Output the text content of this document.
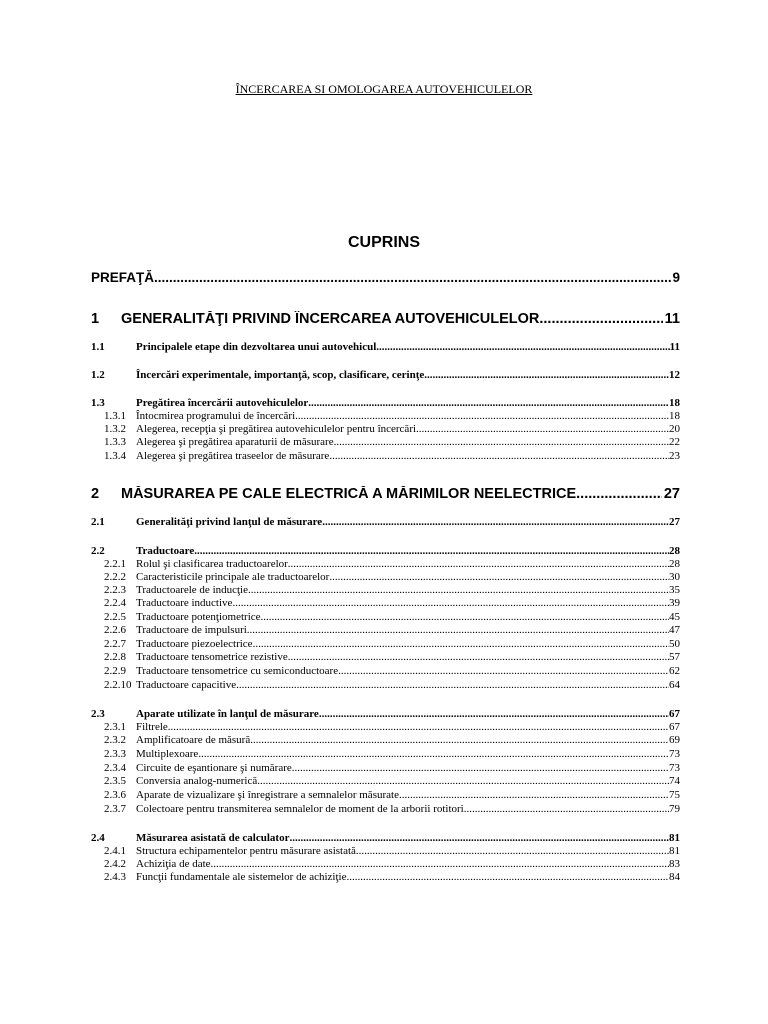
ÎNCERCAREA SI OMOLOGAREA AUTOVEHICULELOR
CUPRINS
PREFAŢĂ .....	9
1	GENERALITĂŢI PRIVIND ÎNCERCAREA AUTOVEHICULELOR .....	11
1.1	Principalele etape din dezvoltarea unui autovehicul .....	11
1.2	Încercări experimentale, importanţă, scop, clasificare, cerinţe .....	12
1.3	Pregătirea încercării autovehiculelor .....	18
1.3.1 Întocmirea programului de încercări .....	18
1.3.2 Alegerea, recepţia şi pregătirea autovehiculelor pentru încercări .....	20
1.3.3 Alegerea şi pregătirea aparaturii de măsurare .....	22
1.3.4 Alegerea şi pregătirea traseelor de măsurare .....	23
2	MĂSURAREA PE CALE ELECTRICĂ A MĂRIMILOR NEELECTRICE .....	27
2.1	Generalităţi privind lanţul de măsurare .....	27
2.2	Traductoare .....	28
2.2.1 Rolul şi clasificarea traductoarelor .....	28
2.2.2 Caracteristicile principale ale traductoarelor .....	30
2.2.3 Traductoarele de inducţie .....	35
2.2.4 Traductoare inductive .....	39
2.2.5 Traductoare potenţiometrice .....	45
2.2.6 Traductoare de impulsuri .....	47
2.2.7 Traductoare piezoelectrice .....	50
2.2.8 Traductoare tensometrice rezistive .....	57
2.2.9 Traductoare tensometrice cu semiconductoare .....	62
2.2.10 Traductoare capacitive .....	64
2.3	Aparate utilizate în lanţul de măsurare .....	67
2.3.1 Filtrele .....	67
2.3.2 Amplificatoare de măsură .....	69
2.3.3 Multiplexoare .....	73
2.3.4 Circuite de eşantionare şi numărare .....	73
2.3.5 Conversia analog-numerică .....	74
2.3.6 Aparate de vizualizare şi înregistrare a semnalelor măsurate .....	75
2.3.7 Colectoare pentru transmiterea semnalelor de moment de la arborii rotitori .....	79
2.4	Măsurarea asistată de calculator .....	81
2.4.1 Structura echipamentelor pentru măsurare asistată .....	81
2.4.2 Achiziţia de date .....	83
2.4.3 Funcţii fundamentale ale sistemelor de achiziţie .....	84
